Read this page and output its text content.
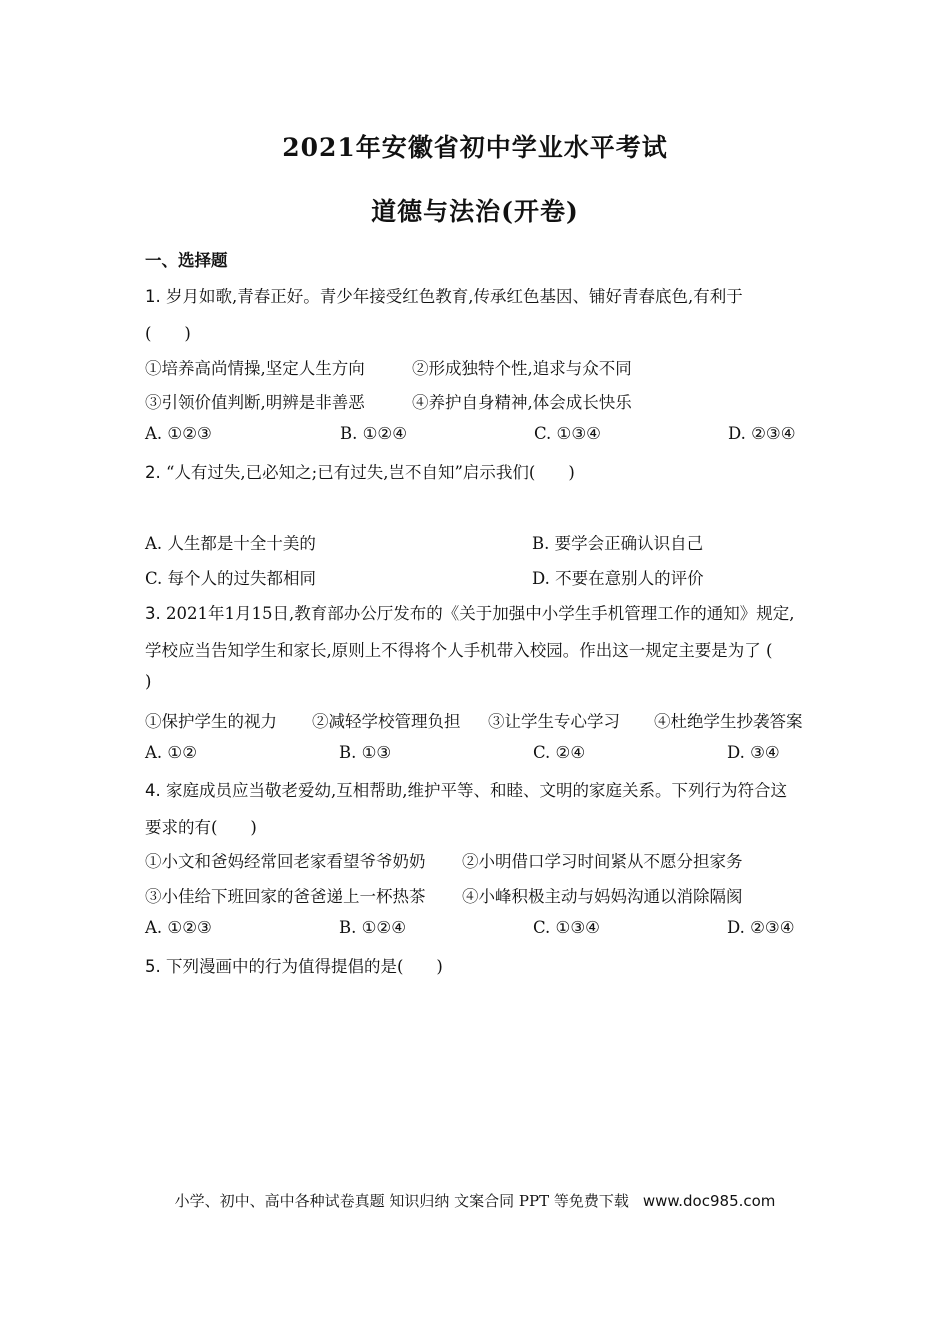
2021年安徽省初中学业水平考试
道德与法治(开卷)
一、选择题
1. 岁月如歌,青春正好。青少年接受红色教育,传承红色基因、铺好青春底色,有利于
(　　)
①培养高尚情操,坚定人生方向	②形成独特个性,追求与众不同
③引领价值判断,明辨是非善恶	④养护自身精神,体会成长快乐
A. ①②③	B. ①②④	C. ①③④	D. ②③④
2. “人有过失,已必知之;已有过失,岂不自知”启示我们(　　)
A. 人生都是十全十美的	B. 要学会正确认识自己
C. 每个人的过失都相同	D. 不要在意别人的评价
3. 2021年1月15日,教育部办公厅发布的《关于加强中小学生手机管理工作的通知》规定,
学校应当告知学生和家长,原则上不得将个人手机带入校园。作出这一规定主要是为了 (
)
①保护学生的视力 ②减轻学校管理负担 ③让学生专心学习 ④杜绝学生抄袭答案
A. ①②	B. ①③	C. ②④	D. ③④
4. 家庭成员应当敬老爱幼,互相帮助,维护平等、和睦、文明的家庭关系。下列行为符合这
要求的有(　　)
①小文和爸妈经常回老家看望爷爷奶奶 ②小明借口学习时间紧从不愿分担家务
③小佳给下班回家的爸爸递上一杯热茶 ④小峰积极主动与妈妈沟通以消除隔阂
A. ①②③	B. ①②④	C. ①③④	D. ②③④
5. 下列漫画中的行为值得提倡的是(　　)
小学、初中、高中各种试卷真题 知识归纳 文案合同 PPT 等免费下载 www.doc985.com
